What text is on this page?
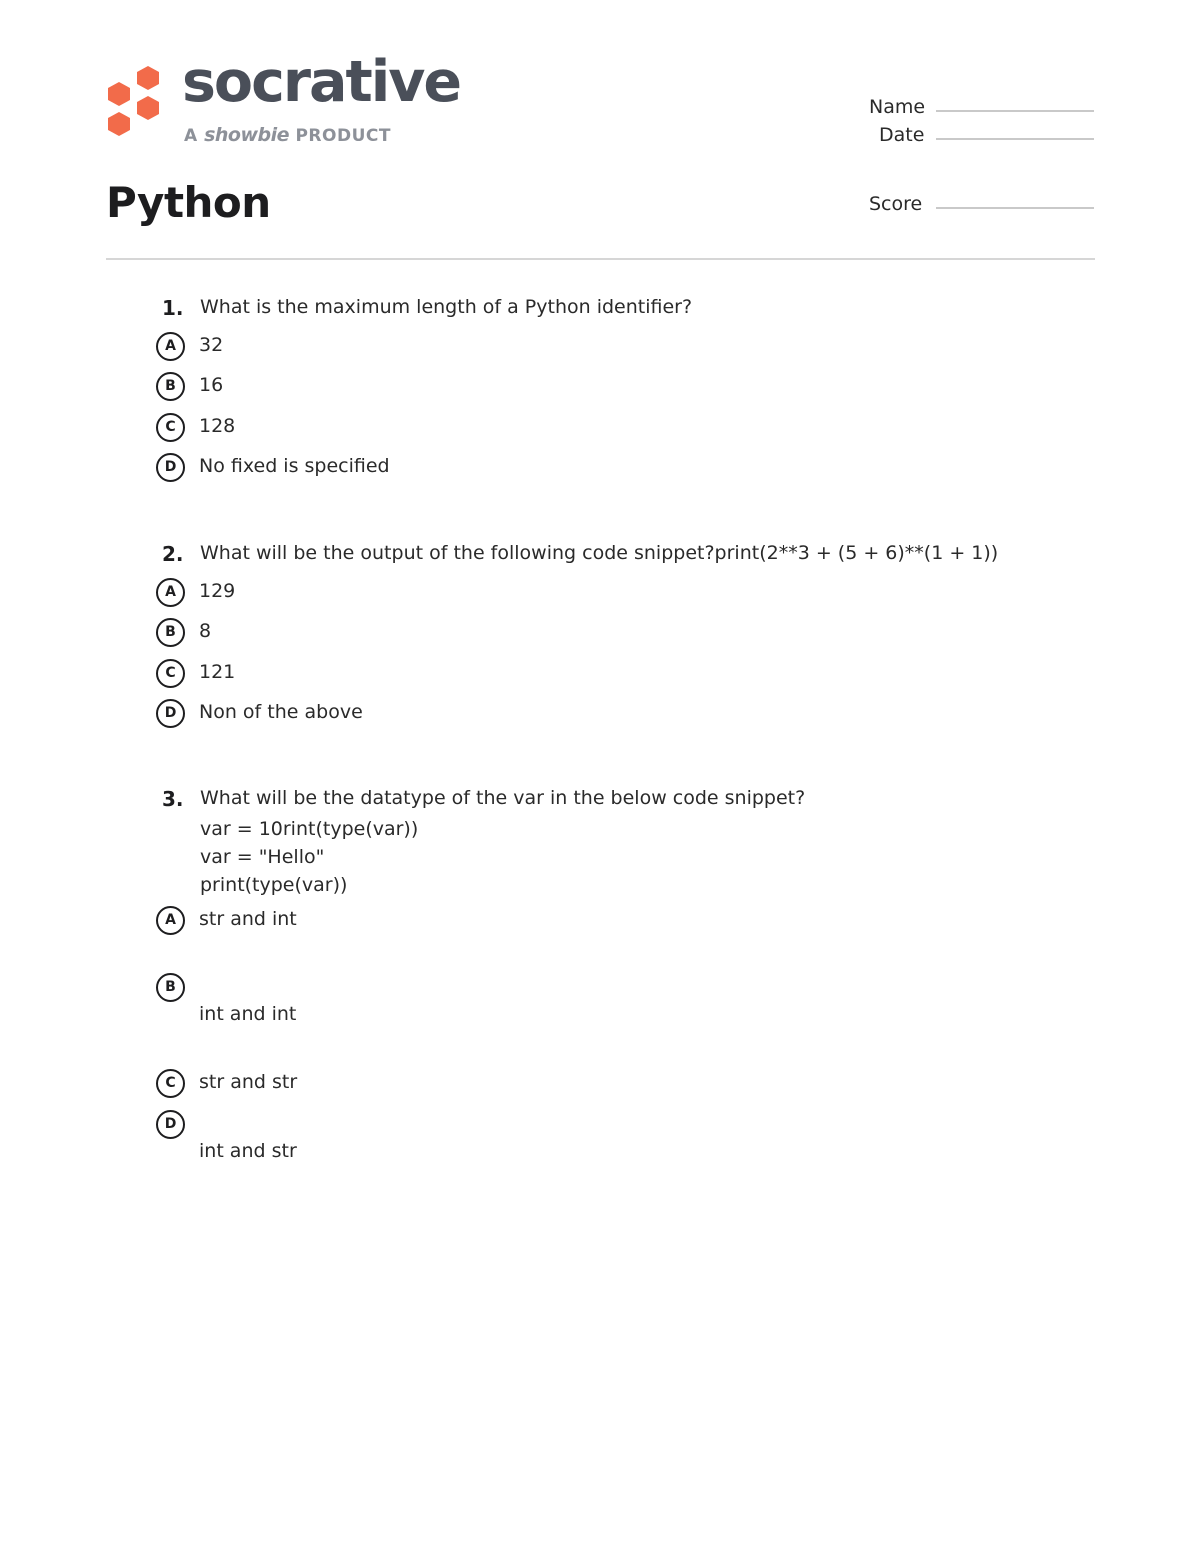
socrative
A showbie PRODUCT
Python
Name
Date
Score
1. What is the maximum length of a Python identifier?
A	32
B	16
C	128
D	No fixed is specified
2. What will be the output of the following code snippet?print(2**3 + (5 + 6)**(1 + 1))
A	129
B	8
C	121
D	Non of the above
3. What will be the datatype of the var in the below code snippet?
var = 10rint(type(var))
var = "Hello"
print(type(var))
A	str and int
B
int and int
C	str and str
D
int and str
